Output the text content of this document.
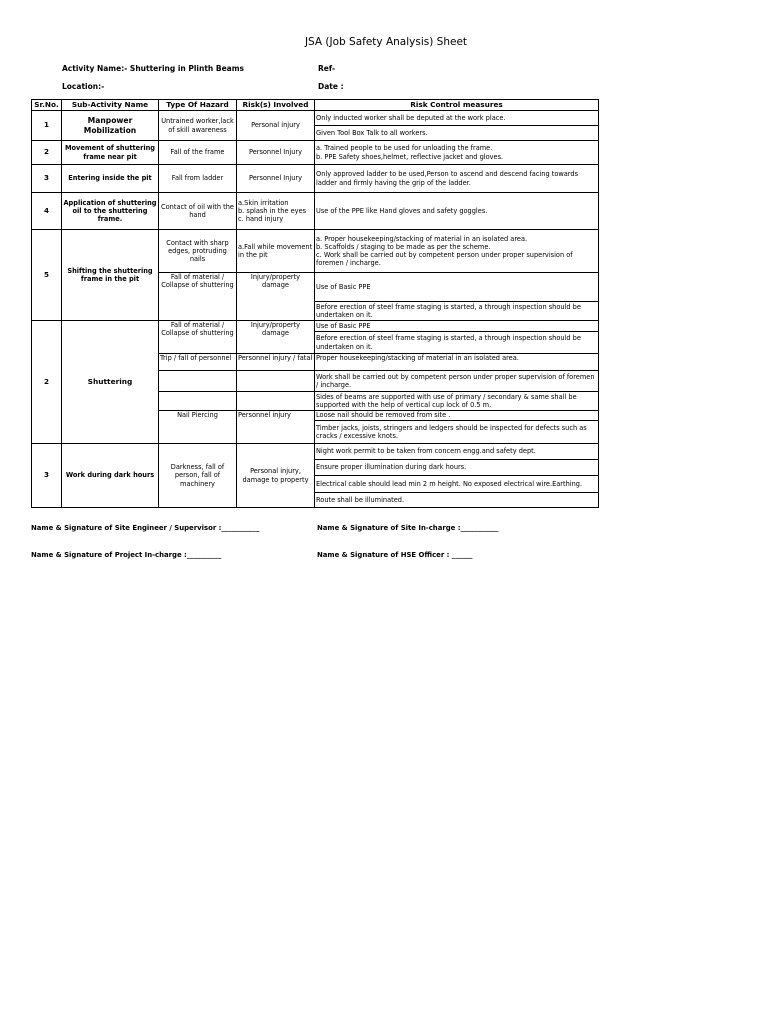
JSA (Job Safety Analysis) Sheet
Activity Name:- Shuttering in Plinth Beams
Location:-
Ref-
Date :
Sr.No.	Sub-Activity Name	Type Of Hazard	Risk(s) Involved	Risk Control measures
1	Manpower Mobilization	Untrained worker,lack of skill awareness	Personal injury	Only inducted worker shall be deputed at the work place.
				Given Tool Box Talk to all workers.
2	Movement of shuttering frame near pit	Fall of the frame	Personnel Injury	a. Trained people to be used for unloading the frame.
b. PPE Safety shoes,helmet, reflective jacket and gloves.

3	Entering inside the pit	Fall from ladder	Personnel Injury	Only approved ladder to be used,Person to ascend and descend facing towards ladder and firmly having the grip of the ladder.
4	Application of shuttering oil to the shuttering frame.	Contact of oil with the hand	a.Skin irritation
b. splash in the eyes
c. hand injury	Use of the PPE like Hand gloves and safety goggles.
5	Shifting the shuttering frame in the pit	Contact with sharp edges, protruding nails	a.Fall while movement in the pit	a. Proper housekeeping/stacking of material in an isolated area.
b. Scaffolds / staging to be made as per the scheme.
c. Work shall be carried out by competent person under proper supervision of foremen / incharge.

		Fall of material / Collapse of shuttering	Injury/property damage	Use of Basic PPE
				Before erection of steel frame staging is started, a through inspection should be undertaken on it.
2	Shuttering	Fall of material / Collapse of shuttering	Injury/property damage	Use of Basic PPE
				Before erection of steel frame staging is started, a through inspection should be undertaken on it.
		Trip / fall of personnel	Personnel injury / fatal	Proper housekeeping/stacking of material in an isolated area.
				Work shall be carried out by competent person under proper supervision of foremen / incharge.
				Sides of beams are supported with use of primary / secondary & same shall be supported with the help of vertical cup lock of 0.5 m.
		Nail Piercing	Personnel injury	Loose nail should be removed from site .
				Timber jacks, joists, stringers and ledgers should be inspected for defects such as cracks / excessive knots.
3	Work during dark hours	Darkness, fall of person, fall of machinery	Personal injury, damage to property	Night work permit to be taken from concern engg.and safety dept.
				Ensure proper illumination during dark hours.
				Electrical cable should lead min 2 m height. No exposed electrical wire.Earthing.
				Route shall be illuminated.
Name & Signature of Site Engineer / Supervisor :___________	Name & Signature of Site In-charge :___________
Name & Signature of Project In-charge :__________	Name & Signature of HSE Officer : ______
